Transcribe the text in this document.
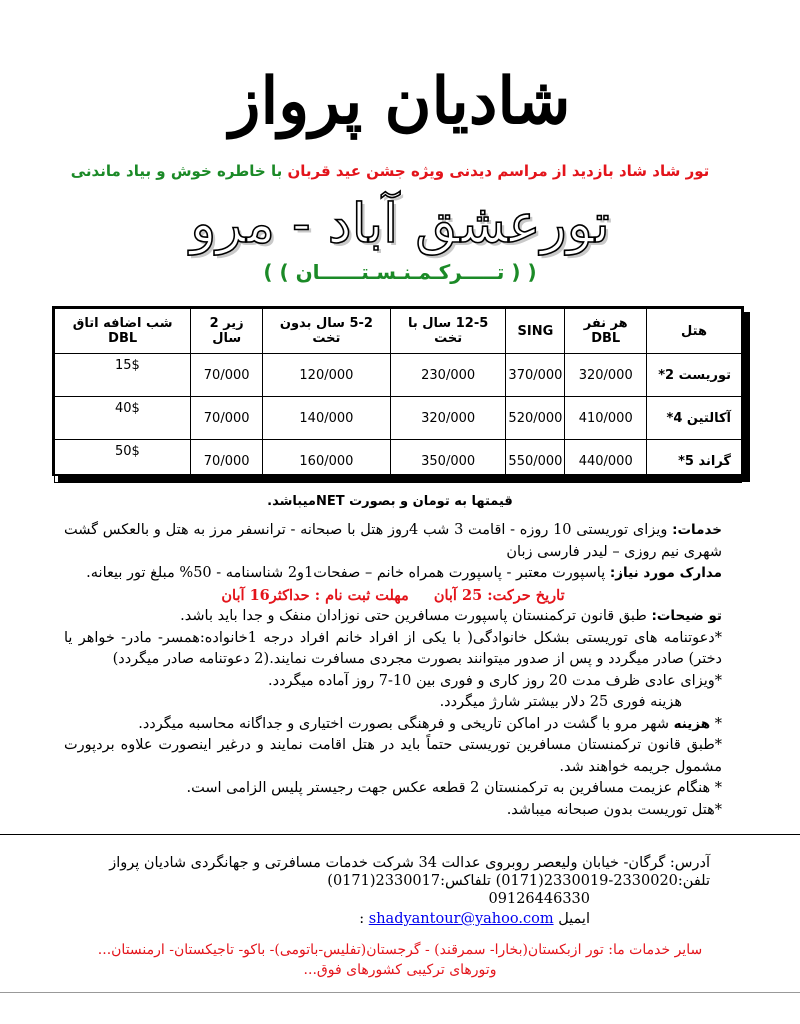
شادیان پرواز
تور شاد شاد بازدید از مراسم دیدنی ویژه جشن عید قربان با خاطره خوش و بیاد ماندنی
تورعشق آباد - مرو
( ( تـــــرکـمـنـسـتــــــان ) )
هتل	هر نفر DBL	SING	12-5 سال با تخت	5-2 سال بدون تخت	زیر 2 سال	شب اضافه اتاق DBL
توریست 2*	320/000	370/000	230/000	120/000	70/000	15$
آکالتین 4*	410/000	520/000	320/000	140/000	70/000	40$
گراند 5*	440/000	550/000	350/000	160/000	70/000	50$
قیمتها به تومان و بصورت NETمیباشد.

خدمات: ویزای توریستی 10 روزه - اقامت 3 شب 4روز هتل با صبحانه - ترانسفر مرز به هتل و بالعکس گشت شهری نیم روزی – لیدر فارسی زبان

مدارک مورد نیاز: پاسپورت معتبر - پاسپورت همراه خانم – صفحات1و2 شناسنامه - 50% مبلغ تور بیعانه.

تاریخ حرکت: 25 آبان مهلت ثبت نام : حداکثر16 آبان

تو ضیحات: طبق قانون ترکمنستان پاسپورت مسافرین حتی نوزادان منفک و جدا باید باشد.

*دعوتنامه های توریستی بشکل خانوادگی( با یکی از افراد خانم افراد درجه 1خانواده:همسر- مادر- خواهر یا دختر) صادر میگردد و پس از صدور میتوانند بصورت مجردی مسافرت نمایند.(2 دعوتنامه صادر میگردد)

*ویزای عادی ظرف مدت 20 روز کاری و فوری بین 10-7 روز آماده میگردد.

هزینه فوری 25 دلار بیشتر شارژ میگردد.

* هزینه شهر مرو با گشت در اماکن تاریخی و فرهنگی بصورت اختیاری و جداگانه محاسبه میگردد.

*طبق قانون ترکمنستان مسافرین توریستی حتماً باید در هتل اقامت نمایند و درغیر اینصورت علاوه بردپورت مشمول جریمه خواهند شد.

* هنگام عزیمت مسافرین به ترکمنستان 2 قطعه عکس جهت رجیستر پلیس الزامی است.

*هتل توریست بدون صبحانه میباشد.

آدرس: گرگان- خیابان ولیعصر روبروی عدالت 34 شرکت خدمات مسافرتی و جهانگردی شادیان پرواز
تلفن:2330020-2330019(0171) تلفاکس:2330017(0171)
09126446330
ایمیل shadyantour@yahoo.com :
سایر خدمات ما: تور ازبکستان(بخارا- سمرقند) - گرجستان(تفلیس-باتومی)- باکو- تاجیکستان- ارمنستان...
وتورهای ترکیبی کشورهای فوق...
